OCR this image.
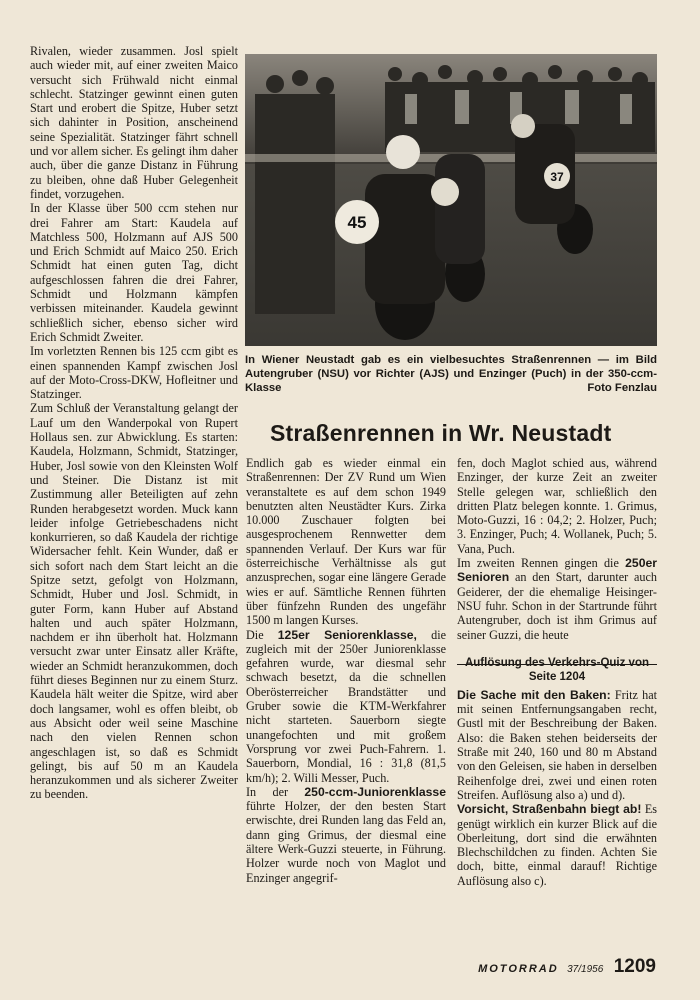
Rivalen, wieder zusammen. Josl spielt auch wieder mit, auf einer zweiten Maico versucht sich Frühwald nicht einmal schlecht. Statzinger gewinnt einen guten Start und erobert die Spitze, Huber setzt sich dahinter in Position, anscheinend seine Spezialität. Statzinger fährt schnell und vor allem sicher. Es gelingt ihm daher auch, über die ganze Distanz in Führung zu bleiben, ohne daß Huber Gelegenheit findet, vorzugehen.

In der Klasse über 500 ccm stehen nur drei Fahrer am Start: Kaudela auf Matchless 500, Holzmann auf AJS 500 und Erich Schmidt auf Maico 250. Erich Schmidt hat einen guten Tag, dicht aufgeschlossen fahren die drei Fahrer, Schmidt und Holzmann kämpfen verbissen miteinander. Kaudela gewinnt schließlich sicher, ebenso sicher wird Erich Schmidt Zweiter.

Im vorletzten Rennen bis 125 ccm gibt es einen spannenden Kampf zwischen Josl auf der Moto-Cross-DKW, Hofleitner und Statzinger.

Zum Schluß der Veranstaltung gelangt der Lauf um den Wanderpokal von Rupert Hollaus sen. zur Abwicklung. Es starten: Kaudela, Holzmann, Schmidt, Statzinger, Huber, Josl sowie von den Kleinsten Wolf und Steiner. Die Distanz ist mit Zustimmung aller Beteiligten auf zehn Runden herabgesetzt worden. Muck kann leider infolge Getriebeschadens nicht konkurrieren, so daß Kaudela der richtige Widersacher fehlt. Kein Wunder, daß er sich sofort nach dem Start leicht an die Spitze setzt, gefolgt von Holzmann, Schmidt, Huber und Josl. Schmidt, in guter Form, kann Huber auf Abstand halten und auch später Holzmann, nachdem er ihn überholt hat. Holzmann versucht zwar unter Einsatz aller Kräfte, wieder an Schmidt heranzukommen, doch führt dieses Beginnen nur zu einem Sturz. Kaudela hält weiter die Spitze, wird aber doch langsamer, wohl es offen bleibt, ob aus Absicht oder weil seine Maschine nach den vielen Rennen schon angeschlagen ist, so daß es Schmidt gelingt, bis auf 50 m an Kaudela heranzukommen und als sicherer Zweiter zu beenden.

45
37
In Wiener Neustadt gab es ein vielbesuchtes Straßenrennen — im Bild Autengruber (NSU) vor Richter (AJS) und Enzinger (Puch) in der 350-ccm-Klasse	Foto Fenzlau
Straßenrennen in Wr. Neustadt

Endlich gab es wieder einmal ein Straßenrennen: Der ZV Rund um Wien veranstaltete es auf dem schon 1949 benutzten alten Neustädter Kurs. Zirka 10.000 Zuschauer folgten bei ausgesprochenem Rennwetter dem spannenden Verlauf. Der Kurs war für österreichische Verhältnisse als gut anzusprechen, sogar eine längere Gerade wies er auf. Sämtliche Rennen führten über fünfzehn Runden des ungefähr 1500 m langen Kurses.

Die 125er Seniorenklasse, die zugleich mit der 250er Juniorenklasse gefahren wurde, war diesmal sehr schwach besetzt, da die schnellen Oberösterreicher Brandstätter und Gruber sowie die KTM-Werkfahrer nicht starteten. Sauerborn siegte unangefochten und mit großem Vorsprung vor zwei Puch-Fahrern. 1. Sauerborn, Mondial, 16 : 31,8 (81,5 km/h); 2. Willi Messer, Puch.

In der 250-ccm-Juniorenklasse führte Holzer, der den besten Start erwischte, drei Runden lang das Feld an, dann ging Grimus, der diesmal eine ältere Werk-Guzzi steuerte, in Führung. Holzer wurde noch von Maglot und Enzinger angegrif-

fen, doch Maglot schied aus, während Enzinger, der kurze Zeit an zweiter Stelle gelegen war, schließlich den dritten Platz belegen konnte. 1. Grimus, Moto-Guzzi, 16 : 04,2; 2. Holzer, Puch; 3. Enzinger, Puch; 4. Wollanek, Puch; 5. Vana, Puch.

Im zweiten Rennen gingen die 250er Senioren an den Start, darunter auch Geiderer, der die ehemalige Heisinger-NSU fuhr. Schon in der Startrunde führt Autengruber, doch ist ihm Grimus auf seiner Guzzi, die heute

Auflösung des Verkehrs-Quiz von Seite 1204

Die Sache mit den Baken: Fritz hat mit seinen Entfernungsangaben recht, Gustl mit der Beschreibung der Baken. Also: die Baken stehen beiderseits der Straße mit 240, 160 und 80 m Abstand von den Geleisen, sie haben in derselben Reihenfolge drei, zwei und einen roten Streifen. Auflösung also a) und d).

Vorsicht, Straßenbahn biegt ab! Es genügt wirklich ein kurzer Blick auf die Oberleitung, dort sind die erwähnten Blechschildchen zu finden. Achten Sie doch, bitte, einmal darauf! Richtige Auflösung also c).

MOTORRAD 37/1956 1209
